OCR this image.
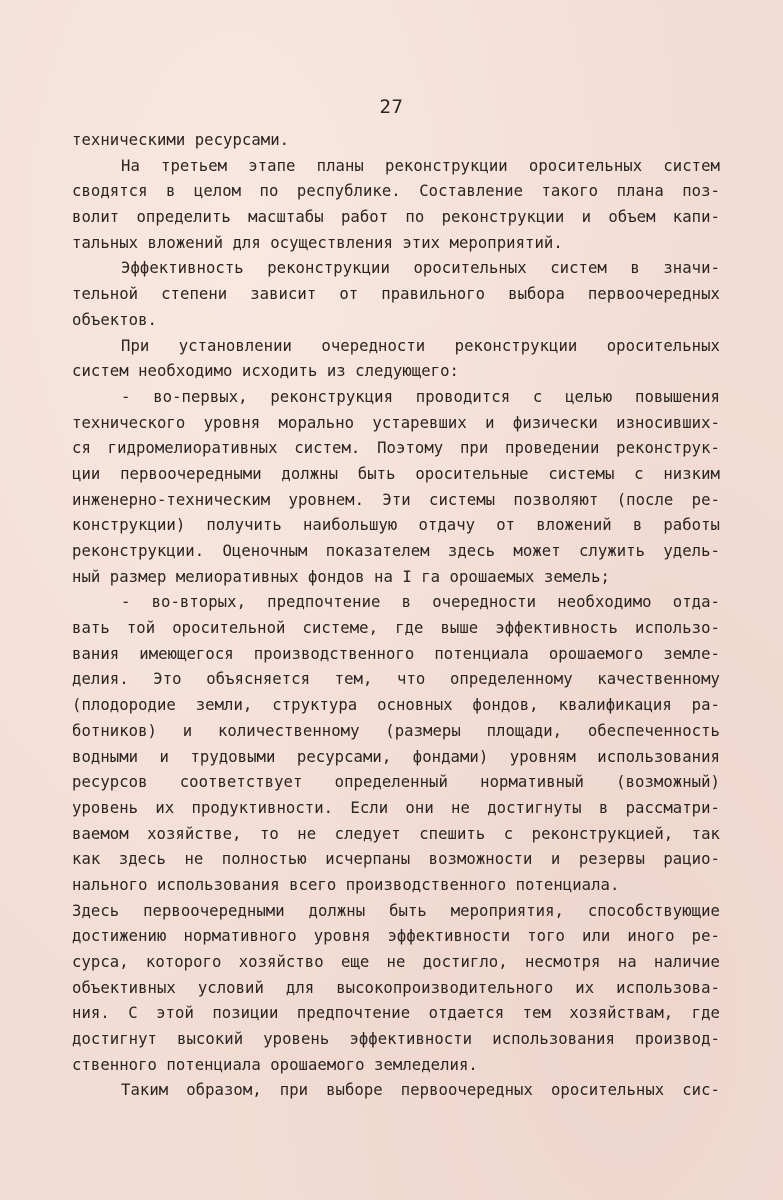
27
техническими ресурсами.
На третьем этапе планы реконструкции оросительных систем
сводятся в целом по республике. Составление такого плана поз-
волит определить масштабы работ по реконструкции и объем капи-
тальных вложений для осуществления этих мероприятий.
Эффективность реконструкции оросительных систем в значи-
тельной степени зависит от правильного выбора первоочередных
объектов.
При установлении очередности реконструкции оросительных
систем необходимо исходить из следующего:
- во-первых, реконструкция проводится с целью повышения
технического уровня морально устаревших и физически износивших-
ся гидромелиоративных систем. Поэтому при проведении реконструк-
ции первоочередными должны быть оросительные системы с низким
инженерно-техническим уровнем. Эти системы позволяют (после ре-
конструкции) получить наибольшую отдачу от вложений в работы
реконструкции. Оценочным показателем здесь может служить удель-
ный размер мелиоративных фондов на I га орошаемых земель;
- во-вторых, предпочтение в очередности необходимо отда-
вать той оросительной системе, где выше эффективность использо-
вания имеющегося производственного потенциала орошаемого земле-
делия. Это объясняется тем, что определенному качественному
(плодородие земли, структура основных фондов, квалификация ра-
ботников) и количественному (размеры площади, обеспеченность
водными и трудовыми ресурсами, фондами) уровням использования
ресурсов соответствует определенный нормативный (возможный)
уровень их продуктивности. Если они не достигнуты в рассматри-
ваемом хозяйстве, то не следует спешить с реконструкцией, так
как здесь не полностью исчерпаны возможности и резервы рацио-
нального использования всего производственного потенциала.
Здесь первоочередными должны быть мероприятия, способствующие
достижению нормативного уровня эффективности того или иного ре-
сурса, которого хозяйство еще не достигло, несмотря на наличие
объективных условий для высокопроизводительного их использова-
ния. С этой позиции предпочтение отдается тем хозяйствам, где
достигнут высокий уровень эффективности использования производ-
ственного потенциала орошаемого земледелия.
Таким образом, при выборе первоочередных оросительных сис-
